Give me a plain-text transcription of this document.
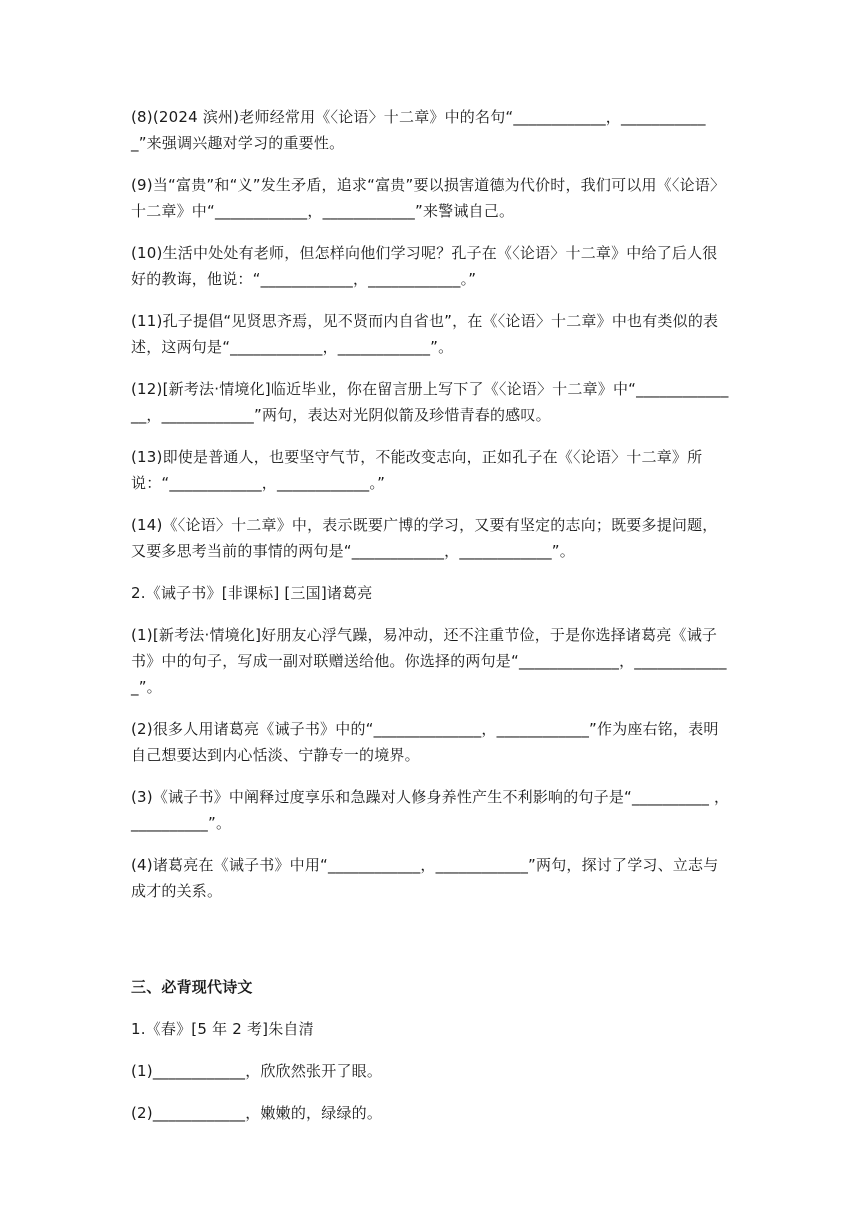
(8)(2024 滨州)老师经常用《〈论语〉十二章》中的名句“____________，____________”来强调兴趣对学习的重要性。

(9)当“富贵”和“义”发生矛盾，追求“富贵”要以损害道德为代价时，我们可以用《〈论语〉十二章》中“____________，____________”来警诫自己。

(10)生活中处处有老师，但怎样向他们学习呢？孔子在《〈论语〉十二章》中给了后人很好的教诲，他说：“____________，____________。”

(11)孔子提倡“见贤思齐焉，见不贤而内自省也”，在《〈论语〉十二章》中也有类似的表述，这两句是“____________，____________”。

(12)[新考法·情境化]临近毕业，你在留言册上写下了《〈论语〉十二章》中“______________，____________”两句，表达对光阴似箭及珍惜青春的感叹。

(13)即使是普通人，也要坚守气节，不能改变志向，正如孔子在《〈论语〉十二章》所说：“____________，____________。”

(14)《〈论语〉十二章》中，表示既要广博的学习，又要有坚定的志向；既要多提问题，又要多思考当前的事情的两句是“____________，____________”。

2.《诫子书》[非课标] [三国]诸葛亮

(1)[新考法·情境化]好朋友心浮气躁，易冲动，还不注重节俭，于是你选择诸葛亮《诫子书》中的句子，写成一副对联赠送给他。你选择的两句是“_____________，_____________”。

(2)很多人用诸葛亮《诫子书》中的“______________，____________”作为座右铭，表明自己想要达到内心恬淡、宁静专一的境界。

(3)《诫子书》中阐释过度享乐和急躁对人修身养性产生不利影响的句子是“__________ ， __________”。

(4)诸葛亮在《诫子书》中用“____________，____________”两句，探讨了学习、立志与成才的关系。

三、必背现代诗文

1.《春》[5 年 2 考]朱自清

(1)____________，欣欣然张开了眼。

(2)____________，嫩嫩的，绿绿的。
